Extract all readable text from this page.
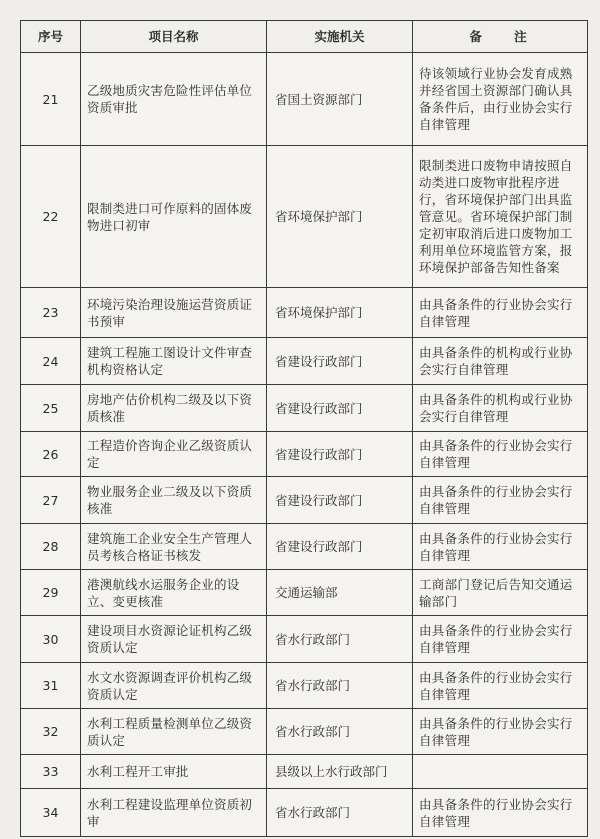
序号	项目名称	实施机关	备 注
21	乙级地质灾害危险性评估单位资质审批	省国土资源部门	待该领域行业协会发育成熟并经省国土资源部门确认具备条件后，由行业协会实行自律管理
22	限制类进口可作原料的固体废物进口初审	省环境保护部门	限制类进口废物申请按照自动类进口废物审批程序进行，省环境保护部门出具监管意见。省环境保护部门制定初审取消后进口废物加工利用单位环境监管方案，报环境保护部备告知性备案
23	环境污染治理设施运营资质证书预审	省环境保护部门	由具备条件的行业协会实行自律管理
24	建筑工程施工图设计文件审查机构资格认定	省建设行政部门	由具备条件的机构或行业协会实行自律管理
25	房地产估价机构二级及以下资质核准	省建设行政部门	由具备条件的机构或行业协会实行自律管理
26	工程造价咨询企业乙级资质认定	省建设行政部门	由具备条件的行业协会实行自律管理
27	物业服务企业二级及以下资质核准	省建设行政部门	由具备条件的行业协会实行自律管理
28	建筑施工企业安全生产管理人员考核合格证书核发	省建设行政部门	由具备条件的行业协会实行自律管理
29	港澳航线水运服务企业的设立、变更核准	交通运输部	工商部门登记后告知交通运输部门
30	建设项目水资源论证机构乙级资质认定	省水行政部门	由具备条件的行业协会实行自律管理
31	水文水资源调查评价机构乙级资质认定	省水行政部门	由具备条件的行业协会实行自律管理
32	水利工程质量检测单位乙级资质认定	省水行政部门	由具备条件的行业协会实行自律管理
33	水利工程开工审批	县级以上水行政部门	
34	水利工程建设监理单位资质初审	省水行政部门	由具备条件的行业协会实行自律管理
